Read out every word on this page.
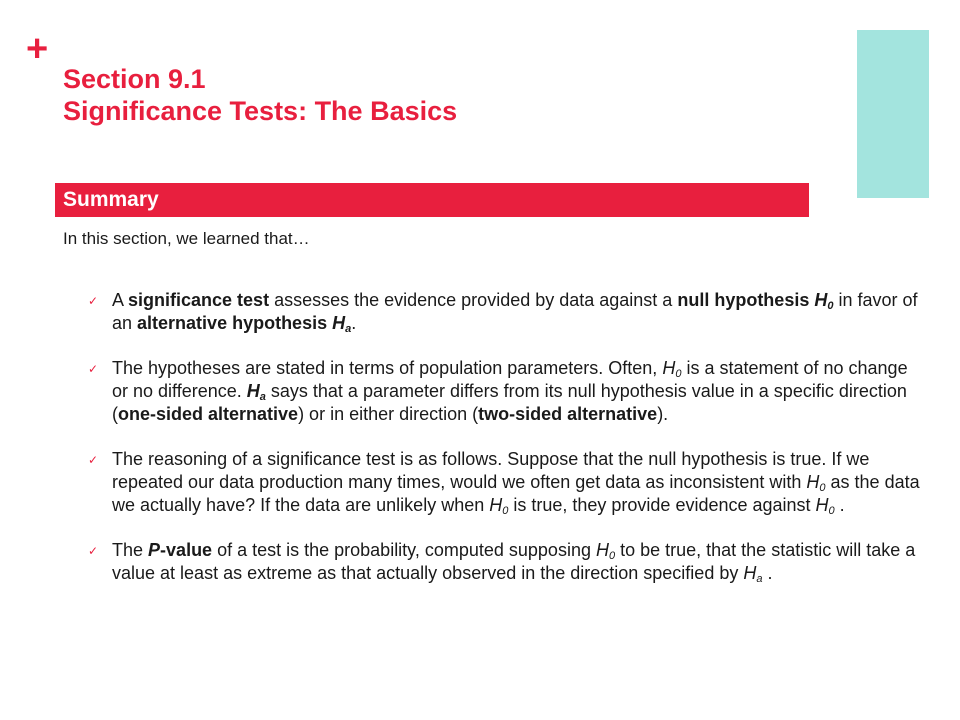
+
Section 9.1
Significance Tests: The Basics
Summary
In this section, we learned that…
✓ A significance test assesses the evidence provided by data against a null hypothesis $H_0$ in favor of an alternative hypothesis $H_a$.
✓ The hypotheses are stated in terms of population parameters. Often, $H_0$ is a statement of no change or no difference. $H_a$ says that a parameter differs from its null hypothesis value in a specific direction (one-sided alternative) or in either direction (two-sided alternative).
✓ The reasoning of a significance test is as follows. Suppose that the null hypothesis is true. If we repeated our data production many times, would we often get data as inconsistent with $H_0$ as the data we actually have? If the data are unlikely when $H_0$ is true, they provide evidence against $H_0$ .
✓ The P-value of a test is the probability, computed supposing $H_0$ to be true, that the statistic will take a value at least as extreme as that actually observed in the direction specified by $H_a$ .
